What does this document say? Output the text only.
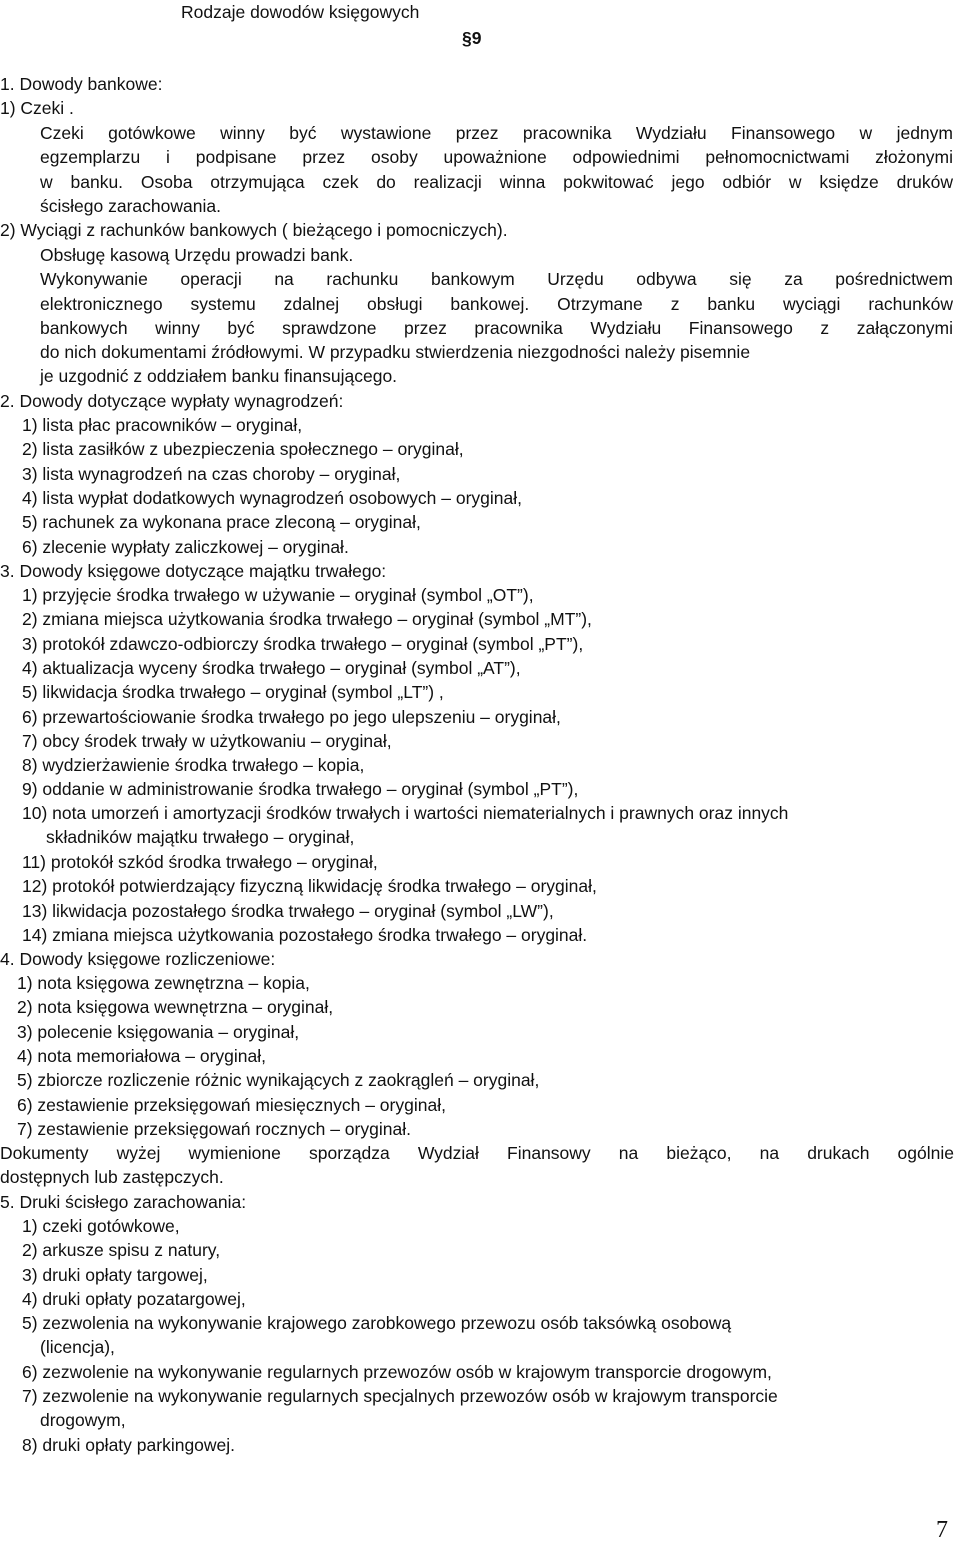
Rodzaje dowodów księgowych
§9
1. Dowody bankowe:
1) Czeki .
Czeki gotówkowe winny być wystawione przez pracownika Wydziału Finansowego w jednym
egzemplarzu i podpisane przez osoby upoważnione odpowiednimi pełnomocnictwami złożonymi
w banku. Osoba otrzymująca czek do realizacji winna pokwitować jego odbiór w księdze druków
ścisłego zarachowania.
2) Wyciągi z rachunków bankowych ( bieżącego i pomocniczych).
Obsługę kasową Urzędu prowadzi bank.
Wykonywanie operacji na rachunku bankowym Urzędu odbywa się za pośrednictwem
elektronicznego systemu zdalnej obsługi bankowej. Otrzymane z banku wyciągi rachunków
bankowych winny być sprawdzone przez pracownika Wydziału Finansowego z załączonymi
do nich dokumentami źródłowymi. W przypadku stwierdzenia niezgodności należy pisemnie
je uzgodnić z oddziałem banku finansującego.
2. Dowody dotyczące wypłaty wynagrodzeń:
1) lista płac pracowników – oryginał,
2) lista zasiłków z ubezpieczenia społecznego – oryginał,
3) lista wynagrodzeń na czas choroby – oryginał,
4) lista wypłat dodatkowych wynagrodzeń osobowych – oryginał,
5) rachunek za wykonana prace zleconą – oryginał,
6) zlecenie wypłaty zaliczkowej – oryginał.
3. Dowody księgowe dotyczące majątku trwałego:
1) przyjęcie środka trwałego w używanie – oryginał (symbol „OT”),
2) zmiana miejsca użytkowania środka trwałego – oryginał (symbol „MT”),
3) protokół zdawczo-odbiorczy środka trwałego – oryginał (symbol „PT”),
4) aktualizacja wyceny środka trwałego – oryginał (symbol „AT”),
5) likwidacja środka trwałego – oryginał (symbol „LT”) ,
6) przewartościowanie środka trwałego po jego ulepszeniu – oryginał,
7) obcy środek trwały w użytkowaniu – oryginał,
8) wydzierżawienie środka trwałego – kopia,
9) oddanie w administrowanie środka trwałego – oryginał (symbol „PT”),
10) nota umorzeń i amortyzacji środków trwałych i wartości niematerialnych i prawnych oraz innych
składników majątku trwałego – oryginał,
11) protokół szkód środka trwałego – oryginał,
12) protokół potwierdzający fizyczną likwidację środka trwałego – oryginał,
13) likwidacja pozostałego środka trwałego – oryginał (symbol „LW”),
14) zmiana miejsca użytkowania pozostałego środka trwałego – oryginał.
4. Dowody księgowe rozliczeniowe:
1) nota księgowa zewnętrzna – kopia,
2) nota księgowa wewnętrzna – oryginał,
3) polecenie księgowania – oryginał,
4) nota memoriałowa – oryginał,
5) zbiorcze rozliczenie różnic wynikających z zaokrągleń – oryginał,
6) zestawienie przeksięgowań miesięcznych – oryginał,
7) zestawienie przeksięgowań rocznych – oryginał.
Dokumenty wyżej wymienione sporządza Wydział Finansowy na bieżąco, na drukach ogólnie
dostępnych lub zastępczych.
5. Druki ścisłego zarachowania:
1) czeki gotówkowe,
2) arkusze spisu z natury,
3) druki opłaty targowej,
4) druki opłaty pozatargowej,
5) zezwolenia na wykonywanie krajowego zarobkowego przewozu osób taksówką osobową
(licencja),
6) zezwolenie na wykonywanie regularnych przewozów osób w krajowym transporcie drogowym,
7) zezwolenie na wykonywanie regularnych specjalnych przewozów osób w krajowym transporcie
drogowym,
8) druki opłaty parkingowej.
7
